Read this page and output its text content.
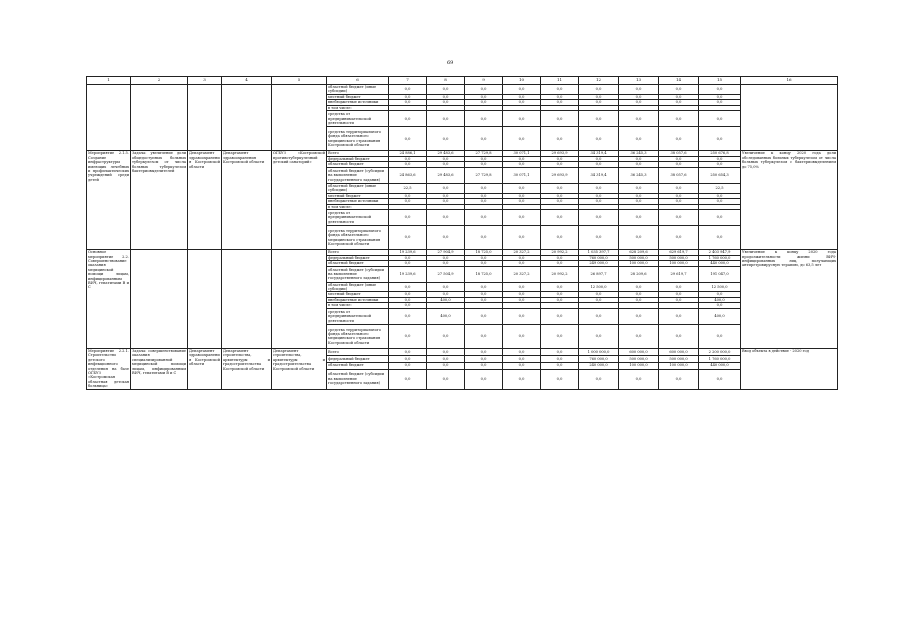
69
1	2	3	4	5	6	7	8	9	10	11	12	13	14	15	16
					областной бюджет (иные субсидии)	0,0	0,0	0,0	0,0	0,0	0,0	0,0	0,0	0,0	
					местный бюджет	0,0	0,0	0,0	0,0	0,0	0,0	0,0	0,0	0,0	
					внебюджетные источники	0,0	0,0	0,0	0,0	0,0	0,0	0,0	0,0	0,0	
					в том числе:										
					средства от предпринимательской деятельности	0,0	0,0	0,0	0,0	0,0	0,0	0,0	0,0	0,0	
					средства территориального фонда обязательного медицинского страхования Костромской области	0,0	0,0	0,0	0,0	0,0	0,0	0,0	0,0	0,0	
Мероприятие 2.1.5. Создание инфраструктуры имеющих лечебных и профилактических учреждений среди детей	Задача: увеличение доли общедоступных больных туберкулезом от числа больных туберкулезом бактериовыделителей	Департамент здравоохранения Костромской области	Департамент здравоохранения Костромской области	ОГБУЗ «Костромской противотуберкулезный детский санаторий»	Всего	24 886,1	29 483,6	27 729,8	30 071,1	29 693,9	34 319,4	36 245,3	38 057,6	250 676,8	Увеличение к концу 2020 года доли обследованных больных туберкулезом от числа больных туберкулезом с бактериовыделением до 75,0%
					федеральный бюджет	0,0	0,0	0,0	0,0	0,0	0,0	0,0	0,0	0,0	
					областной бюджет	0,0	0,0	0,0	0,0	0,0	0,0	0,0	0,0	0,0	
					областной бюджет (субсидии на выполнение государственного задания)	24 863,6	29 483,6	27 729,8	30 071,1	29 693,9	34 319,4	36 245,3	38 057,6	250 654,3	
					областной бюджет (иные субсидии)	22,5	0,0	0,0	0,0	0,0	0,0	0,0	0,0	22,5	
					местный бюджет	0,0	0,0	0,0	0,0	0,0	0,0	0,0	0,0	0,0	
					внебюджетные источники	0,0	0,0	0,0	0,0	0,0	0,0	0,0	0,0	0,0	
					в том числе:										
					средства от предпринимательской деятельности	0,0	0,0	0,0	0,0	0,0	0,0	0,0	0,0	0,0	
					средства территориального фонда обязательного медицинского страхования Костромской области	0,0	0,0	0,0	0,0	0,0	0,0	0,0	0,0	0,0	
Основное мероприятие 2.2. Совершенствование оказания медицинской помощи лицам, инфицированным ВИЧ, гепатитами В и С					Всего	19 239,6	27 904,9	18 725,0	20 327,2	20 992,2	1 035 397,7	628 209,6	629 619,7	2 403 947,9	Увеличение к концу 2020 года продолжительности жизни ВИЧ-инфицированных лиц, получающих антиретровирусную терапию, до 63,5 лет
					федеральный бюджет	0,0	0,0	0,0	0,0	0,0	760 000,0	500 000,0	500 000,0	1 760 000,0	
					областной бюджет	0,0	0,0	0,0	0,0	0,0	249 000,0	100 000,0	100 000,0	440 000,0	
					областной бюджет (субсидии на выполнение государственного задания)	19 239,6	27 504,9	18 725,0	20 327,2	20 992,2	26 897,7	28 209,6	29 619,7	191 047,0	
					областной бюджет (иные субсидии)	0,0	0,0	0,0	0,0	0,0	12 500,0	0,0	0,0	12 500,0	
					местный бюджет	0,0	0,0	0,0	0,0	0,0	0,0	0,0	0,0	0,0	
					внебюджетные источники	0,0	400,0	0,0	0,0	0,0	0,0	0,0	0,0	400,0	
					в том числе:	0,0								0,0	
					средства от предпринимательской деятельности	0,0	400,0	0,0	0,0	0,0	0,0	0,0	0,0	400,0	
					средства территориального фонда обязательного медицинского страхования Костромской области	0,0	0,0	0,0	0,0	0,0	0,0	0,0	0,0	0,0	
Мероприятие 2.2.1. Строительство детского инфекционного отделения на базе ОГБУЗ «Костромская областная детская больница»	Задача: совершенствование оказания специализированной медицинской помощи лицам, инфицированным ВИЧ, гепатитами В и С	Департамент здравоохранения Костромской области	Департамент строительства, архитектуры и градостроительства Костромской области	Департамент строительства, архитектуры и градостроительства Костромской области	Всего	0,0	0,0	0,0	0,0	0,0	1 000 000,0	600 000,0	600 000,0	2 200 000,0	Ввод объекта в действие - 2020 год
					федеральный бюджет	0,0	0,0	0,0	0,0	0,0	760 000,0	500 000,0	500 000,0	1 760 000,0	
					областной бюджет	0,0	0,0	0,0	0,0	0,0	240 000,0	100 000,0	100 000,0	440 000,0	
					областной бюджет (субсидии на выполнение государственного задания)	0,0	0,0	0,0	0,0	0,0	0,0	0,0	0,0	0,0	
